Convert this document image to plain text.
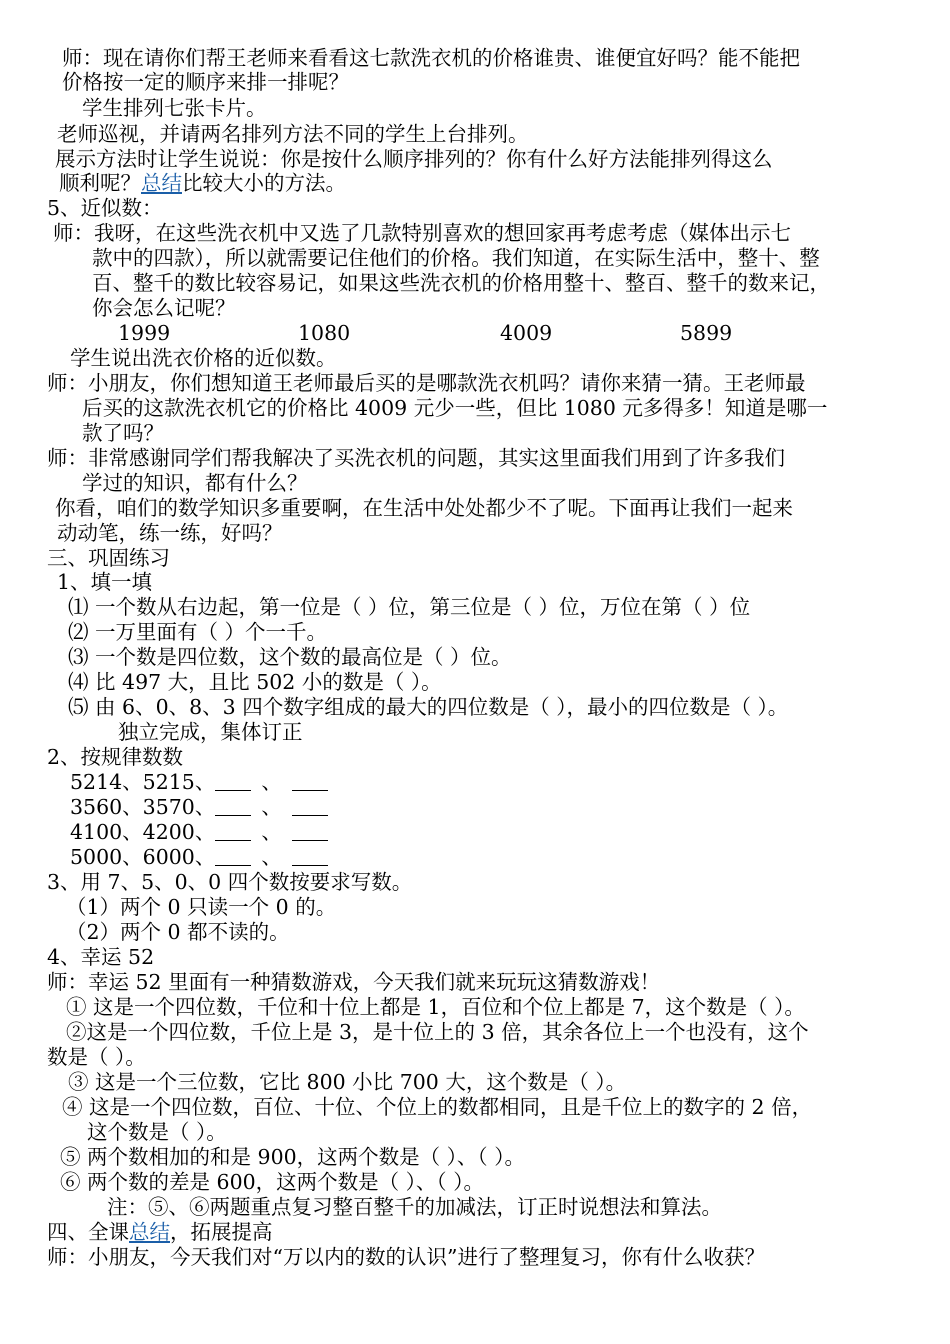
师：现在请你们帮王老师来看看这七款洗衣机的价格谁贵、谁便宜好吗？能不能把
价格按一定的顺序来排一排呢？
学生排列七张卡片。
老师巡视，并请两名排列方法不同的学生上台排列。
展示方法时让学生说说：你是按什么顺序排列的？你有什么好方法能排列得这么
顺利呢？总结比较大小的方法。
5、近似数：
师：我呀，在这些洗衣机中又选了几款特别喜欢的想回家再考虑考虑（媒体出示七
款中的四款），所以就需要记住他们的价格。我们知道，在实际生活中，整十、整
百、整千的数比较容易记，如果这些洗衣机的价格用整十、整百、整千的数来记，
你会怎么记呢？
1999	1080	4009	5899
学生说出洗衣价格的近似数。
师：小朋友，你们想知道王老师最后买的是哪款洗衣机吗？请你来猜一猜。王老师最
后买的这款洗衣机它的价格比 4009 元少一些，但比 1080 元多得多！知道是哪一
款了吗？
师：非常感谢同学们帮我解决了买洗衣机的问题，其实这里面我们用到了许多我们
学过的知识，都有什么？
你看，咱们的数学知识多重要啊，在生活中处处都少不了呢。下面再让我们一起来
动动笔，练一练，好吗？
三、巩固练习
1、填一填
⑴ 一个数从右边起，第一位是（ ）位，第三位是（ ）位，万位在第（ ）位
⑵ 一万里面有（ ）个一千。
⑶ 一个数是四位数，这个数的最高位是（ ）位。
⑷ 比 497 大，且比 502 小的数是（ ）。
⑸ 由 6、0、8、3 四个数字组成的最大的四位数是（ ），最小的四位数是（ ）。
独立完成，集体订正
2、按规律数数
5214、5215、 、
3560、3570、 、
4100、4200、 、
5000、6000、 、
3、用 7、5、0、0 四个数按要求写数。
（1）两个 0 只读一个 0 的。
（2）两个 0 都不读的。
4、幸运 52
师：幸运 52 里面有一种猜数游戏，今天我们就来玩玩这猜数游戏！
① 这是一个四位数，千位和十位上都是 1，百位和个位上都是 7，这个数是（ ）。
②这是一个四位数，千位上是 3，是十位上的 3 倍，其余各位上一个也没有，这个
数是（ ）。
③ 这是一个三位数，它比 800 小比 700 大，这个数是（ ）。
④ 这是一个四位数，百位、十位、个位上的数都相同，且是千位上的数字的 2 倍，
这个数是（ ）。
⑤ 两个数相加的和是 900，这两个数是（ ）、（ ）。
⑥ 两个数的差是 600，这两个数是（ ）、（ ）。
注：⑤、⑥两题重点复习整百整千的加减法，订正时说想法和算法。
四、全课总结，拓展提高
师：小朋友，今天我们对“万以内的数的认识”进行了整理复习，你有什么收获？
